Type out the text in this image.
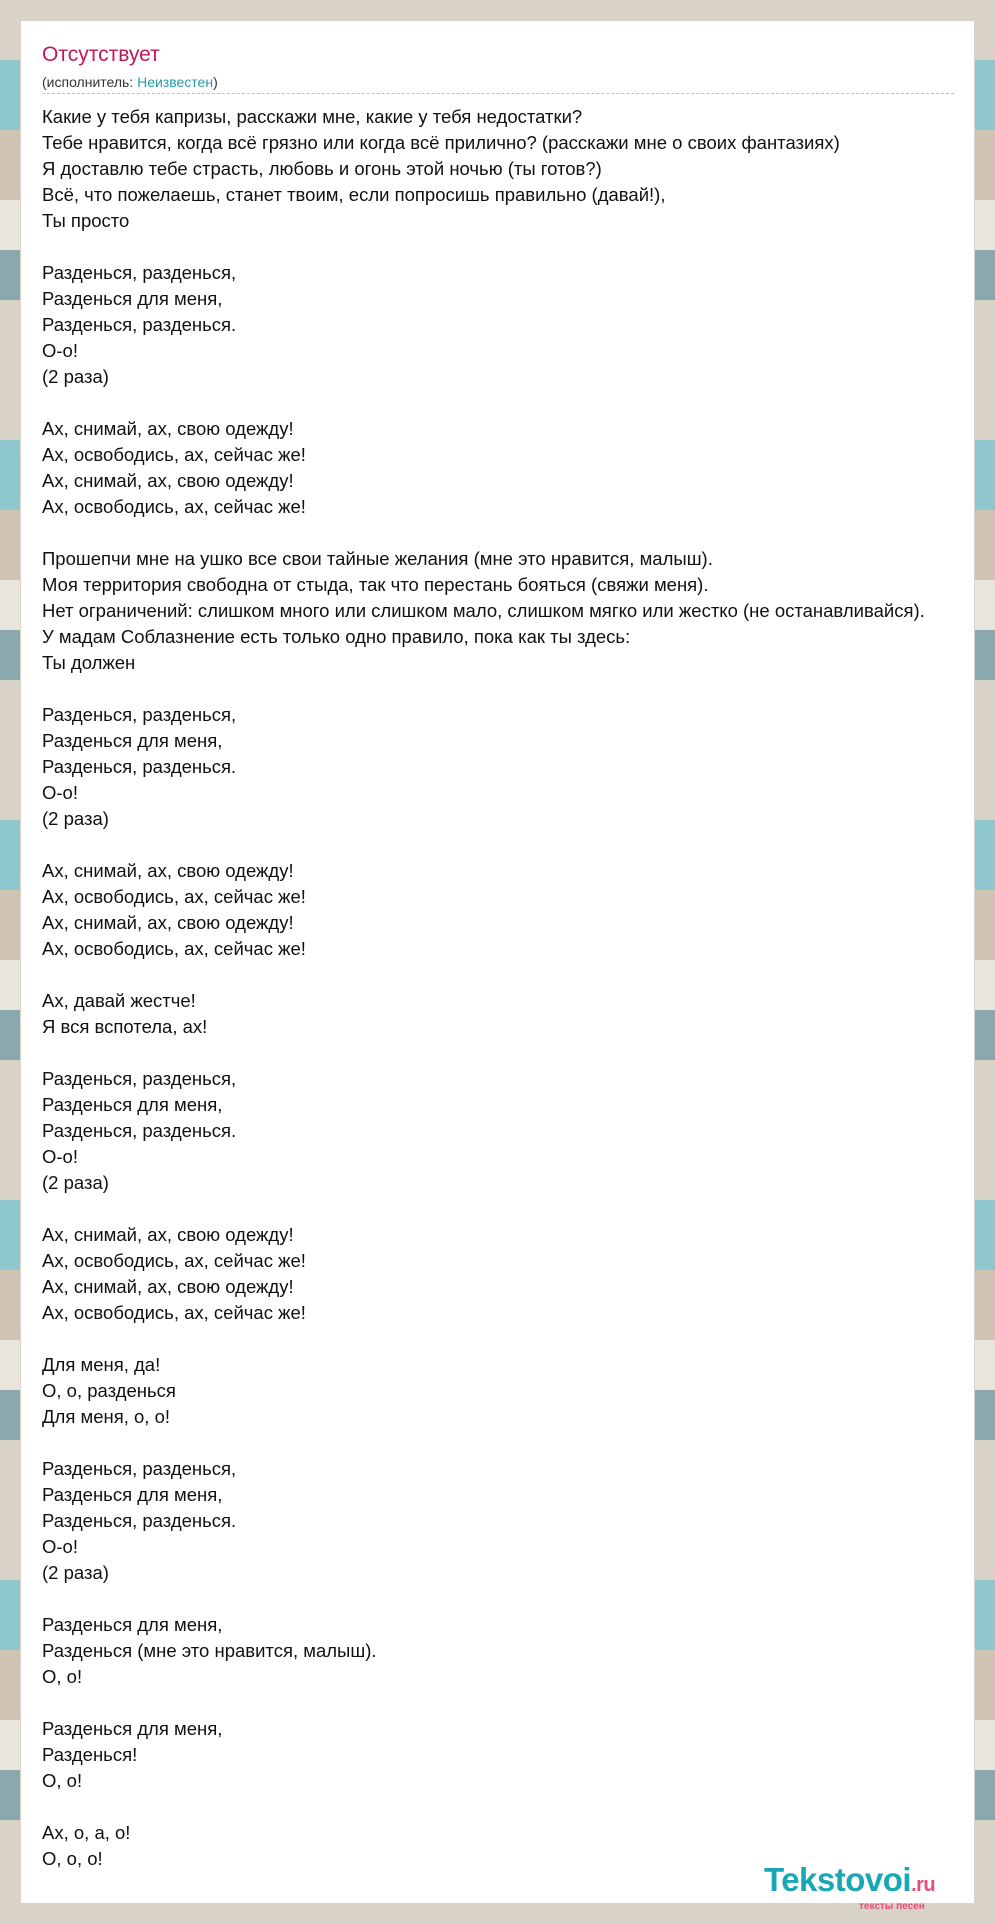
Отсутствует
(исполнитель: Неизвестен)
Какие у тебя капризы, расскажи мне, какие у тебя недостатки?
Тебе нравится, когда всё грязно или когда всё прилично? (расскажи мне о своих фантазиях)
Я доставлю тебе страсть, любовь и огонь этой ночью (ты готов?)
Всё, что пожелаешь, станет твоим, если попросишь правильно (давай!),
Ты просто

Разденься, разденься,
Разденься для меня,
Разденься, разденься.
О-о!
(2 раза)

Ах, снимай, ах, свою одежду!
Ах, освободись, ах, сейчас же!
Ах, снимай, ах, свою одежду!
Ах, освободись, ах, сейчас же!

Прошепчи мне на ушко все свои тайные желания (мне это нравится, малыш).
Моя территория свободна от стыда, так что перестань бояться (свяжи меня).
Нет ограничений: слишком много или слишком мало, слишком мягко или жестко (не останавливайся).
У мадам Соблазнение есть только одно правило, пока как ты здесь:
Ты должен

Разденься, разденься,
Разденься для меня,
Разденься, разденься.
О-о!
(2 раза)

Ах, снимай, ах, свою одежду!
Ах, освободись, ах, сейчас же!
Ах, снимай, ах, свою одежду!
Ах, освободись, ах, сейчас же!

Ах, давай жестче!
Я вся вспотела, ах!

Разденься, разденься,
Разденься для меня,
Разденься, разденься.
О-о!
(2 раза)

Ах, снимай, ах, свою одежду!
Ах, освободись, ах, сейчас же!
Ах, снимай, ах, свою одежду!
Ах, освободись, ах, сейчас же!

Для меня, да!
О, о, разденься
Для меня, о, о!

Разденься, разденься,
Разденься для меня,
Разденься, разденься.
О-о!
(2 раза)

Разденься для меня,
Разденься (мне это нравится, малыш).
О, о!

Разденься для меня,
Разденься!
О, о!

Ах, о, а, о!
О, о, о!
Tekstovoi.ru
тексты песен
